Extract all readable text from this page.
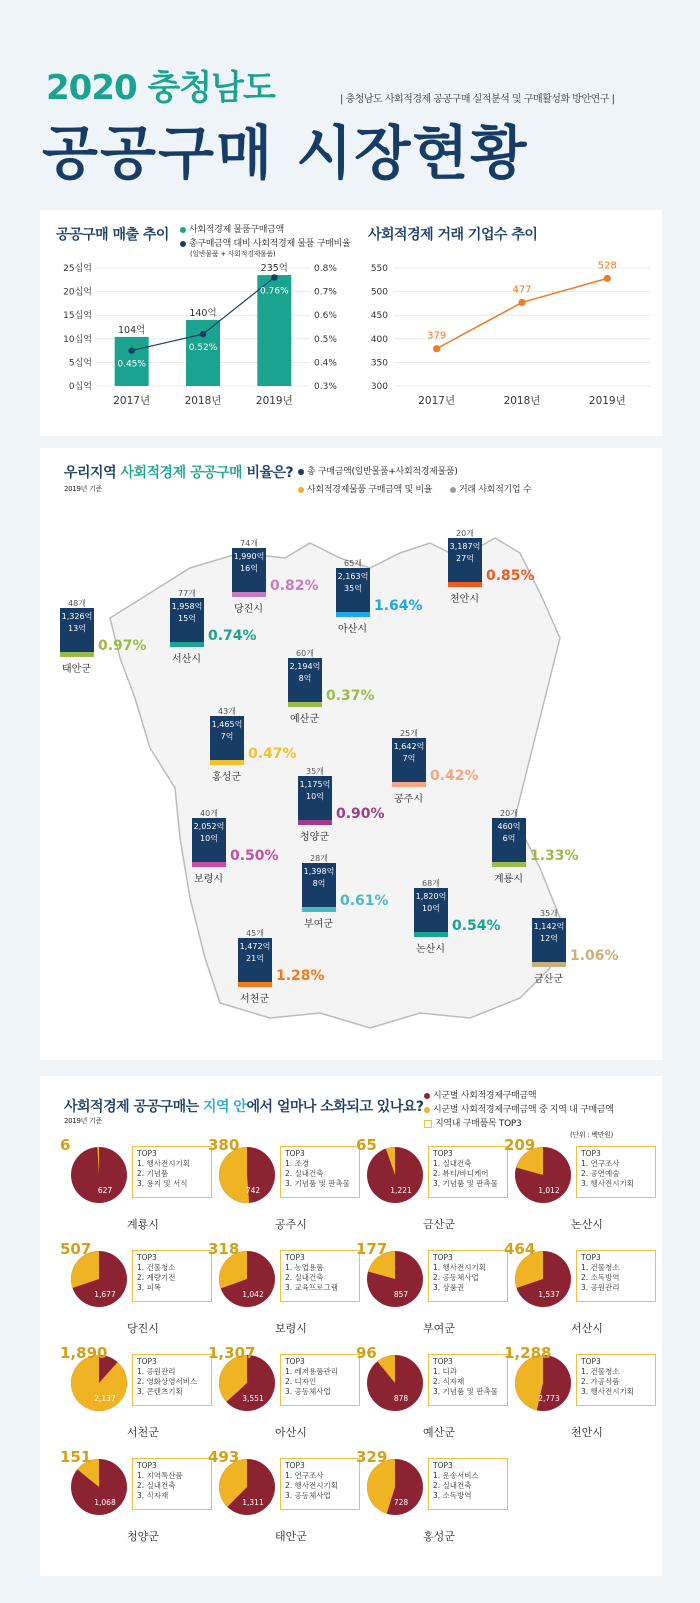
2020 충청남도	| 충청남도 사회적경제 공공구매 실적분석 및 구매활성화 방안연구 |
공공구매 시장현황
공공구매 매출 추이	사회적경제 물품구매금액
총구매금액 대비 사회적경제 물품 구매비율
(일반물품 + 사회적경제물품)
사회적경제 거래 기업수 추이
0십억
5십억
10십억
15십억
20십억
25십억
0.3%
0.4%
0.5%
0.6%
0.7%
0.8%
104억
2017년
140억
2018년
235억
2019년
0.45%
0.52%
0.76%
300
350
400
450
500
550
2017년	2018년	2019년
379
477
528
우리지역 사회적경제 공공구매 비율은?
2019년 기준
총 구매금액(일반물품+사회적경제물품)
사회적경제물품 구매금액 및 비율	거래 사회적기업 수
48개
1,326억
13억
0.97%
태안군
77개
1,958억
15억
0.74%
서산시
74개
1,990억
16억
0.82%
당진시
65개
2,163억
35억
1.64%
아산시
20개
3,187억
27억
0.85%
천안시
60개
2,194억
8억
0.37%
예산군
43개
1,465억
7억
0.47%
홍성군
25개
1,642억
7억
0.42%
공주시
35개
1,175억
10억
0.90%
청양군
40개
2,052억
10억
0.50%
보령시
28개
1,398억
8억
0.61%
부여군
20개
460억
6억
1.33%
계룡시
68개
1,820억
10억
0.54%
논산시
45개
1,472억
21억
1.28%
서천군
35개
1,142억
12억
1.06%
금산군
사회적경제 공공구매는 지역 안에서 얼마나 소화되고 있나요?
2019년 기준
시군별 사회적경제구매금액
시군별 사회적경제구매금액 중 지역 내 구매금액
지역내 구매품목 TOP3
(단위 : 백만원)
627
6	TOP3
1. 행사전시기획
2. 기념품
3. 용지 및 서식
계룡시
742
380	TOP3
1. 조경
2. 실내건축
3. 기념품 및 판촉물
공주시
1,221
65	TOP3
1. 실내건축
2. 뷰티/바디케어
3. 기념품 및 판촉물
금산군
1,012
209	TOP3
1. 연구조사
2. 공연예술
3. 행사전시기획
논산시
1,677
507	TOP3
1. 건물청소
2. 계량기전
3. 피복
당진시
1,042
318	TOP3
1. 농업용품
2. 실내건축
3. 교육프로그램
보령시
857
177	TOP3
1. 행사전시기획
2. 공동체사업
3. 상품권
부여군
1,537
464	TOP3
1. 건물청소
2. 소독방역
3. 공원관리
서산시
2,137
1,890	TOP3
1. 공원관리
2. 영화상영서비스
3. 콘텐츠기획
서천군
3,551
1,307	TOP3
1. 레저용품관리
2. 디자인
3. 공동체사업
아산시
878
96	TOP3
1. 디과
2. 식자재
3. 기념품 및 판촉물
예산군
2,773
1,288	TOP3
1. 건물청소
2. 가공식품
3. 행사전시기획
천안시
1,068
151	TOP3
1. 지역특산품
2. 실내건축
3. 식자재
청양군
1,311
493	TOP3
1. 연구조사
2. 행사전시기획
3. 공동체사업
태안군
728
329	TOP3
1. 운송서비스
2. 실내건축
3. 소독방역
홍성군
